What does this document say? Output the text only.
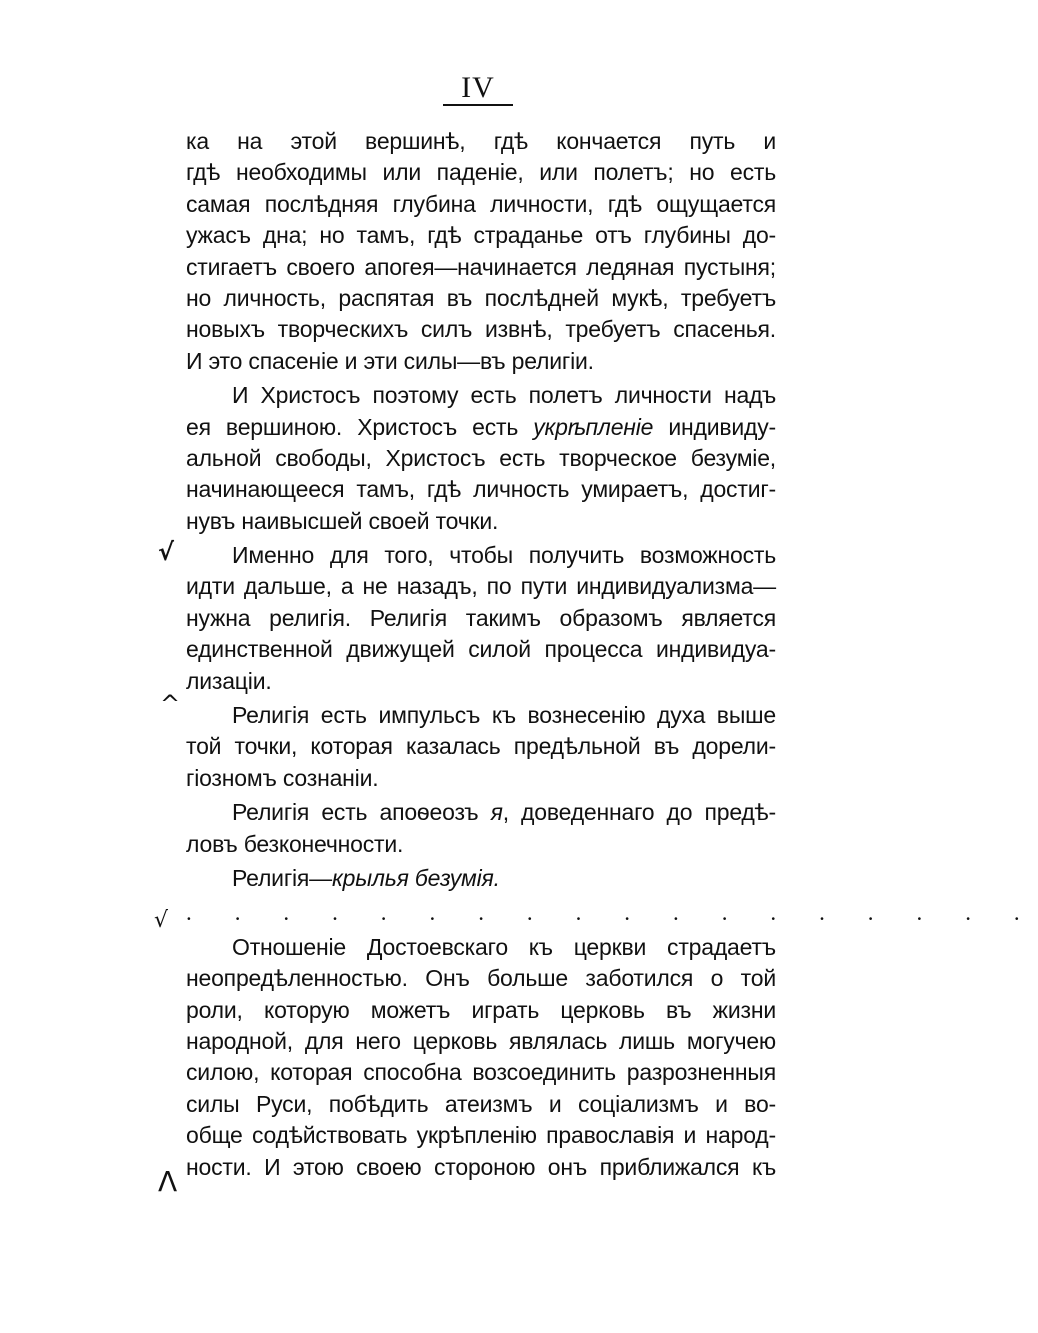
IV
√
^
√
Λ
ка на этой вершинѣ, гдѣ кончается путь и
гдѣ необходимы или паденіе, или полетъ; но есть
самая послѣдняя глубина личности, гдѣ ощущается
ужасъ дна; но тамъ, гдѣ страданье отъ глубины до-
стигаетъ своего апогея—начинается ледяная пустыня;
но личность, распятая въ послѣдней мукѣ, требуетъ
новыхъ творческихъ силъ извнѣ, требуетъ спасенья.
И это спасеніе и эти силы—въ религіи.
И Христосъ поэтому есть полетъ личности надъ
ея вершиною. Христосъ есть укрѣпленіе индивиду-
альной свободы, Христосъ есть творческое безуміе,
начинающееся тамъ, гдѣ личность умираетъ, достиг-
нувъ наивысшей своей точки.
Именно для того, чтобы получить возможность
идти дальше, а не назадъ, по пути индивидуализма—
нужна религія. Религія такимъ образомъ является
единственной движущей силой процесса индивидуа-
лизаціи.
Религія есть импульсъ къ вознесенію духа выше
той точки, которая казалась предѣльной въ дорели-
гіозномъ сознаніи.
Религія есть апоѳеозъ я, доведеннаго до предѣ-
ловъ безконечности.
Религія—крылья безумія.
. . . . . . . . . . . . . . . . . .
Отношеніе Достоевскаго къ церкви страдаетъ
неопредѣленностью. Онъ больше заботился о той
роли, которую можетъ играть церковь въ жизни
народной, для него церковь являлась лишь могучею
силою, которая способна возсоединить разрозненныя
силы Руси, побѣдить атеизмъ и соціализмъ и во-
обще содѣйствовать укрѣпленію православія и народ-
ности. И этою своею стороною онъ приближался къ
